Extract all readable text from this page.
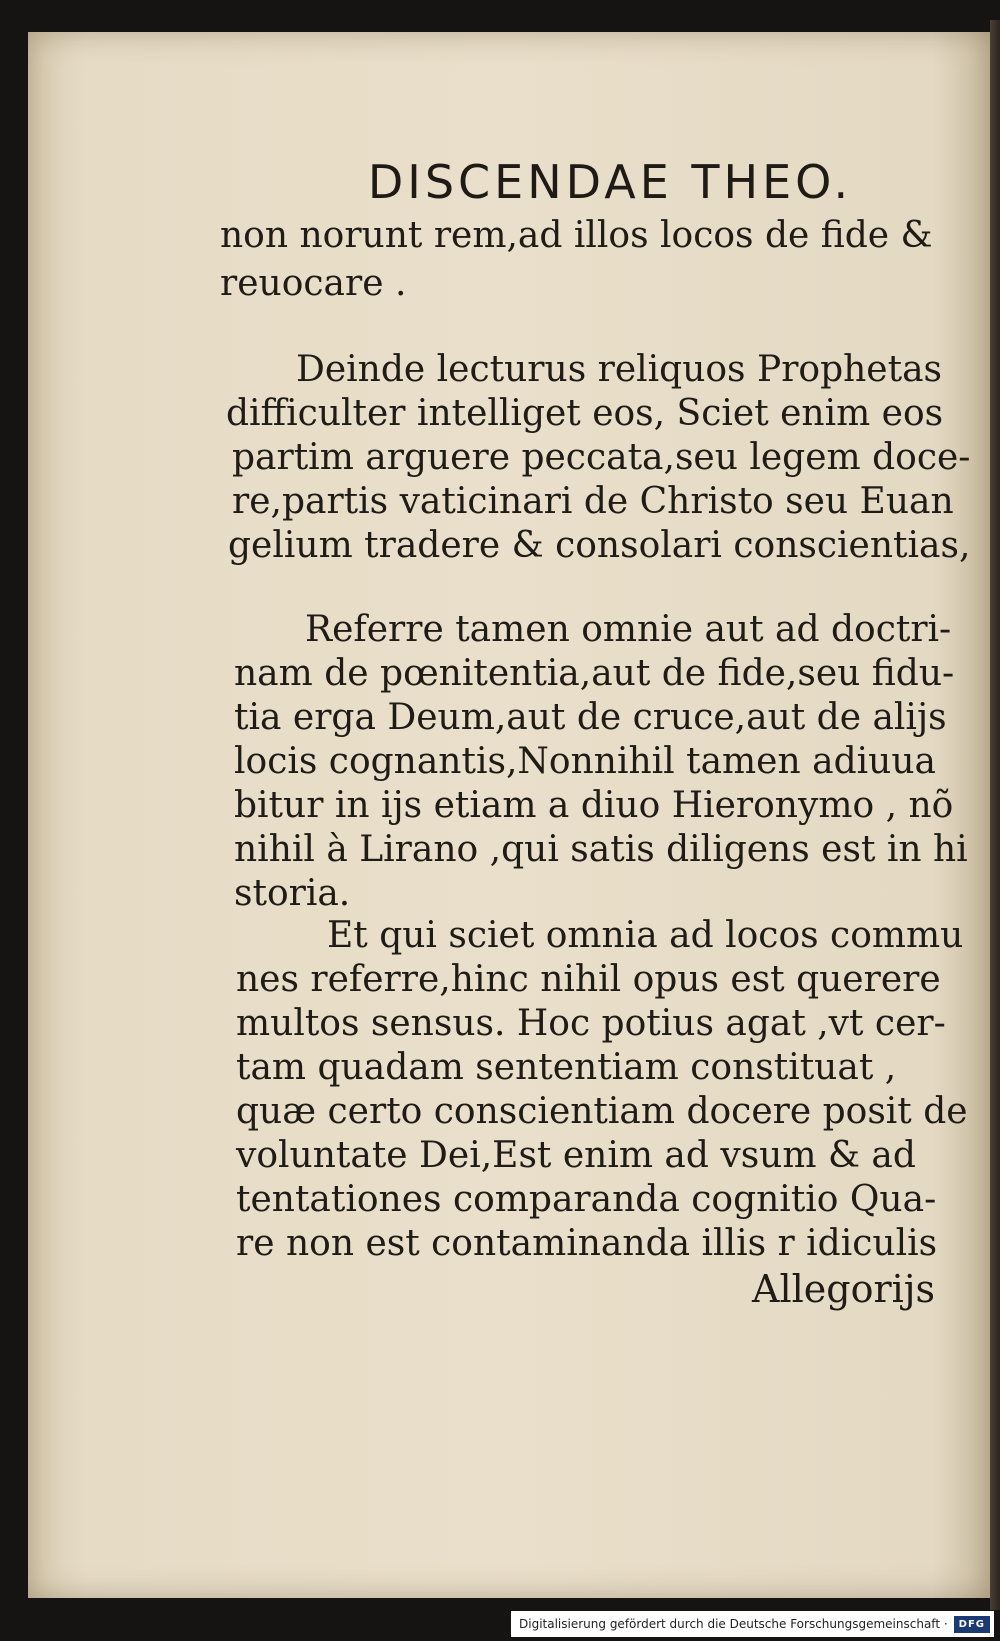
DISCENDAE THEO.
non norunt rem,ad illos locos de fide &
reuocare .
Deinde lecturus reliquos Prophetas
difficulter intelliget eos, Sciet enim eos
partim arguere peccata,seu legem doce-
re,partis vaticinari de Christo seu Euan
gelium tradere & consolari conscientias,
Referre tamen omnie aut ad doctri-
nam de pœnitentia,aut de fide,seu fidu-
tia erga Deum,aut de cruce,aut de alijs
locis cognantis,Nonnihil tamen adiuua
bitur in ijs etiam a diuo Hieronymo , nõ
nihil à Lirano ,qui satis diligens est in hi
storia.
Et qui sciet omnia ad locos commu
nes referre,hinc nihil opus est querere
multos sensus. Hoc potius agat ,vt cer-
tam quadam sententiam constituat ,
quæ certo conscientiam docere posit de
voluntate Dei,Est enim ad vsum & ad
tentationes comparanda cognitio Qua-
re non est contaminanda illis r idiculis
Allegorijs
Digitalisierung gefördert durch die Deutsche Forschungsgemeinschaft ·	DFG
